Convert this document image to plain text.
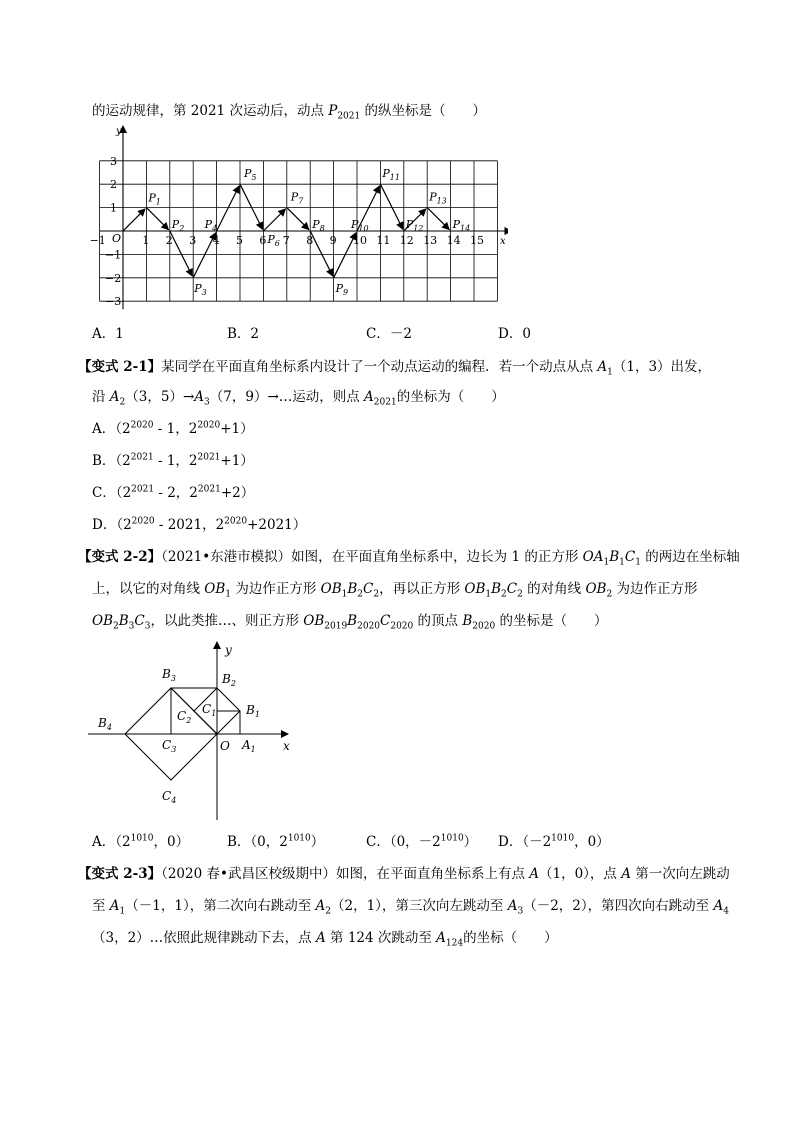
的运动规律，第 2021 次运动后，动点 $P_{2021}$ 的纵坐标是（　　）
−1	1 2 3 4 5 6 7 8 9 10 11 12 13 14 15
3
2
1
−1
−2
−3
$P_1$
$P_2$
$P_3$
$P_4$
$P_5$
$P_6$
$P_7$
$P_8$
$P_9$
$P_{10}$
$P_{11}$
$P_{12}$
$P_{13}$
$P_{14}$
x
y
O
A．1	B．2	C．－2	D．0
【变式 2-1】某同学在平面直角坐标系内设计了一个动点运动的编程．若一个动点从点 $A_1(1$，3）出发，
沿 $A_2(3$，$5)\to A_3(7$，9）→…运动，则点 $A_{2021}$的坐标为（　　）
A．（$2^{2020} - 1$，$2^{2020}+1$）
B．（$2^{2021} - 1$，$2^{2021}+1$）
C．（$2^{2021} - 2$，$2^{2021}+2$）
D．（$2^{2020} - 2021$，$2^{2020}+2021$）
【变式 2-2】（2021•东港市模拟）如图，在平面直角坐标系中，边长为 1 的正方形 $OA_1B_1C_1$ 的两边在坐标轴
上，以它的对角线 $OB_1$ 为边作正方形 $OB_1B_2C_2$，再以正方形 $OB_1B_2C_2$ 的对角线 $OB_2$ 为边作正方形
$OB_2B_3C_3$，以此类推…、则正方形 $OB_{2019}B_{2020}C_{2020}$ 的顶点 $B_{2020}$ 的坐标是（　　）
$B_3$	$B_2$
$C_1$ $B_1$
$C_2$
$B_4$
$C_3$	$A_1$
$C_4$
O	x
y
A．（$2^{1010}$，0）	B．（0，$2^{1010}$）	C．（0，$-2^{1010}$） D．（$-2^{1010}$，0）
【变式 2-3】（2020 春•武昌区校级期中）如图，在平面直角坐标系上有点 A（1，0），点 A 第一次向左跳动
至 $A_1(-1$，1），第二次向右跳动至 $A_2(2$，1），第三次向左跳动至 $A_3(-2$，2），第四次向右跳动至 $A_4$
（3，2）…依照此规律跳动下去，点 A 第 124 次跳动至 $A_{124}$的坐标（　　）
